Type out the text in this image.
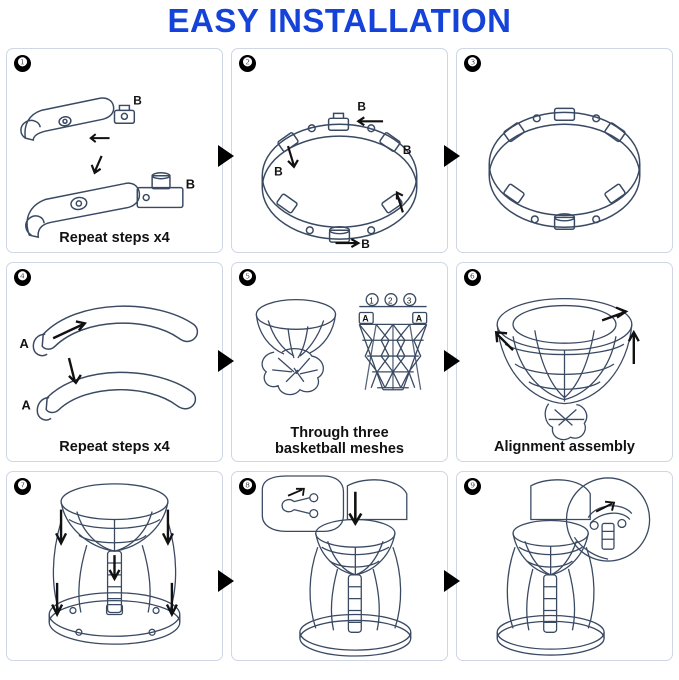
EASY INSTALLATION
❶
B
B
Repeat steps x4
❷
B
B
B
B
❸
❹
A
A
Repeat steps x4
❺
1 2 3
A	A
Through three
basketball meshes
❻
Alignment assembly
❼	❽	❾
